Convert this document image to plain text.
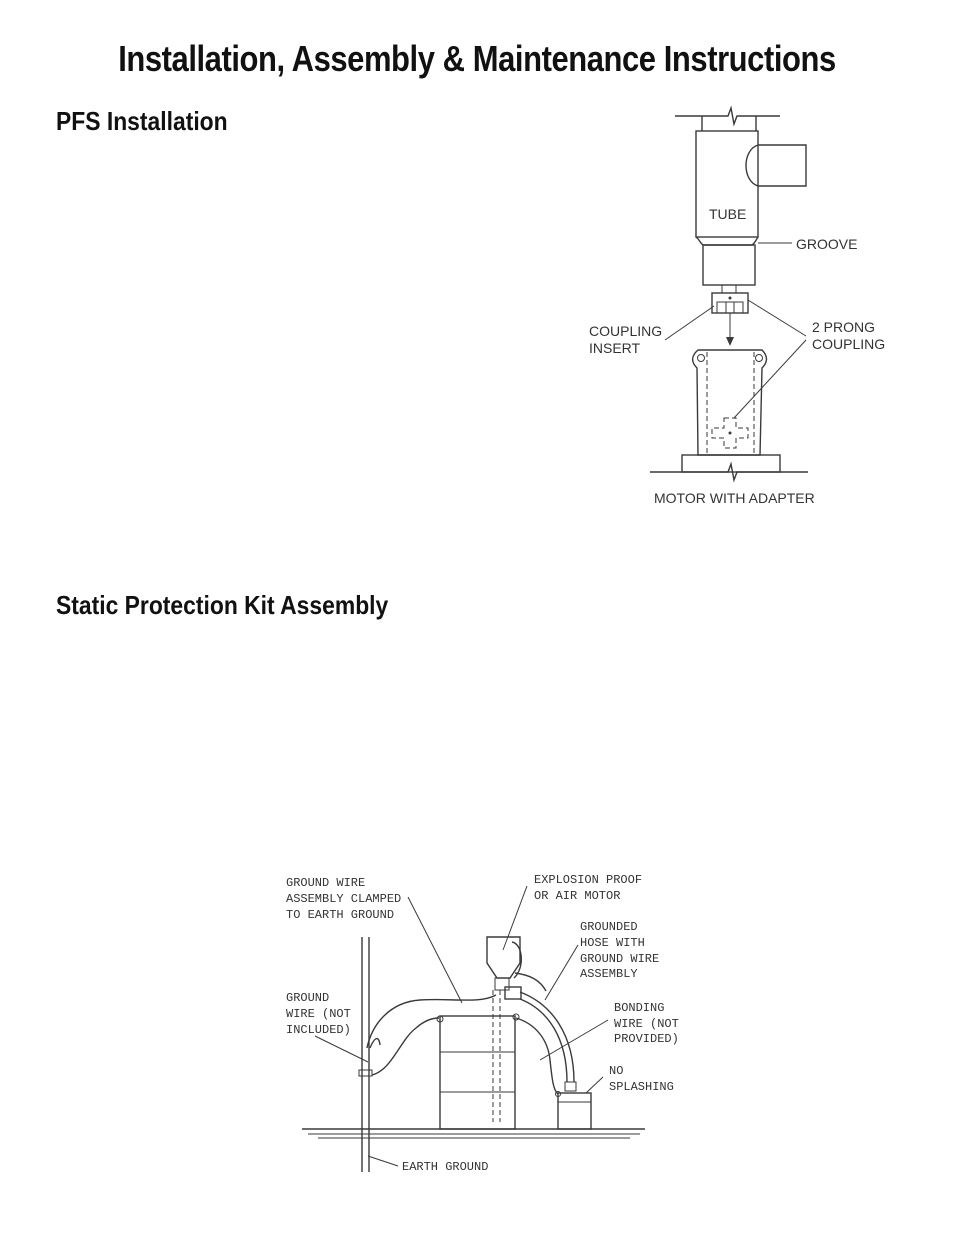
Installation, Assembly & Maintenance Instructions
PFS Installation
Static Protection Kit Assembly
TUBE
GROOVE
COUPLING
INSERT
2 PRONG
COUPLING
MOTOR WITH ADAPTER
GROUND WIRE
ASSEMBLY CLAMPED
TO EARTH GROUND
EXPLOSION PROOF
OR AIR MOTOR
GROUNDED
HOSE WITH
GROUND WIRE
ASSEMBLY
GROUND
WIRE (NOT
INCLUDED)
BONDING
WIRE (NOT
PROVIDED)
NO
SPLASHING
EARTH GROUND
